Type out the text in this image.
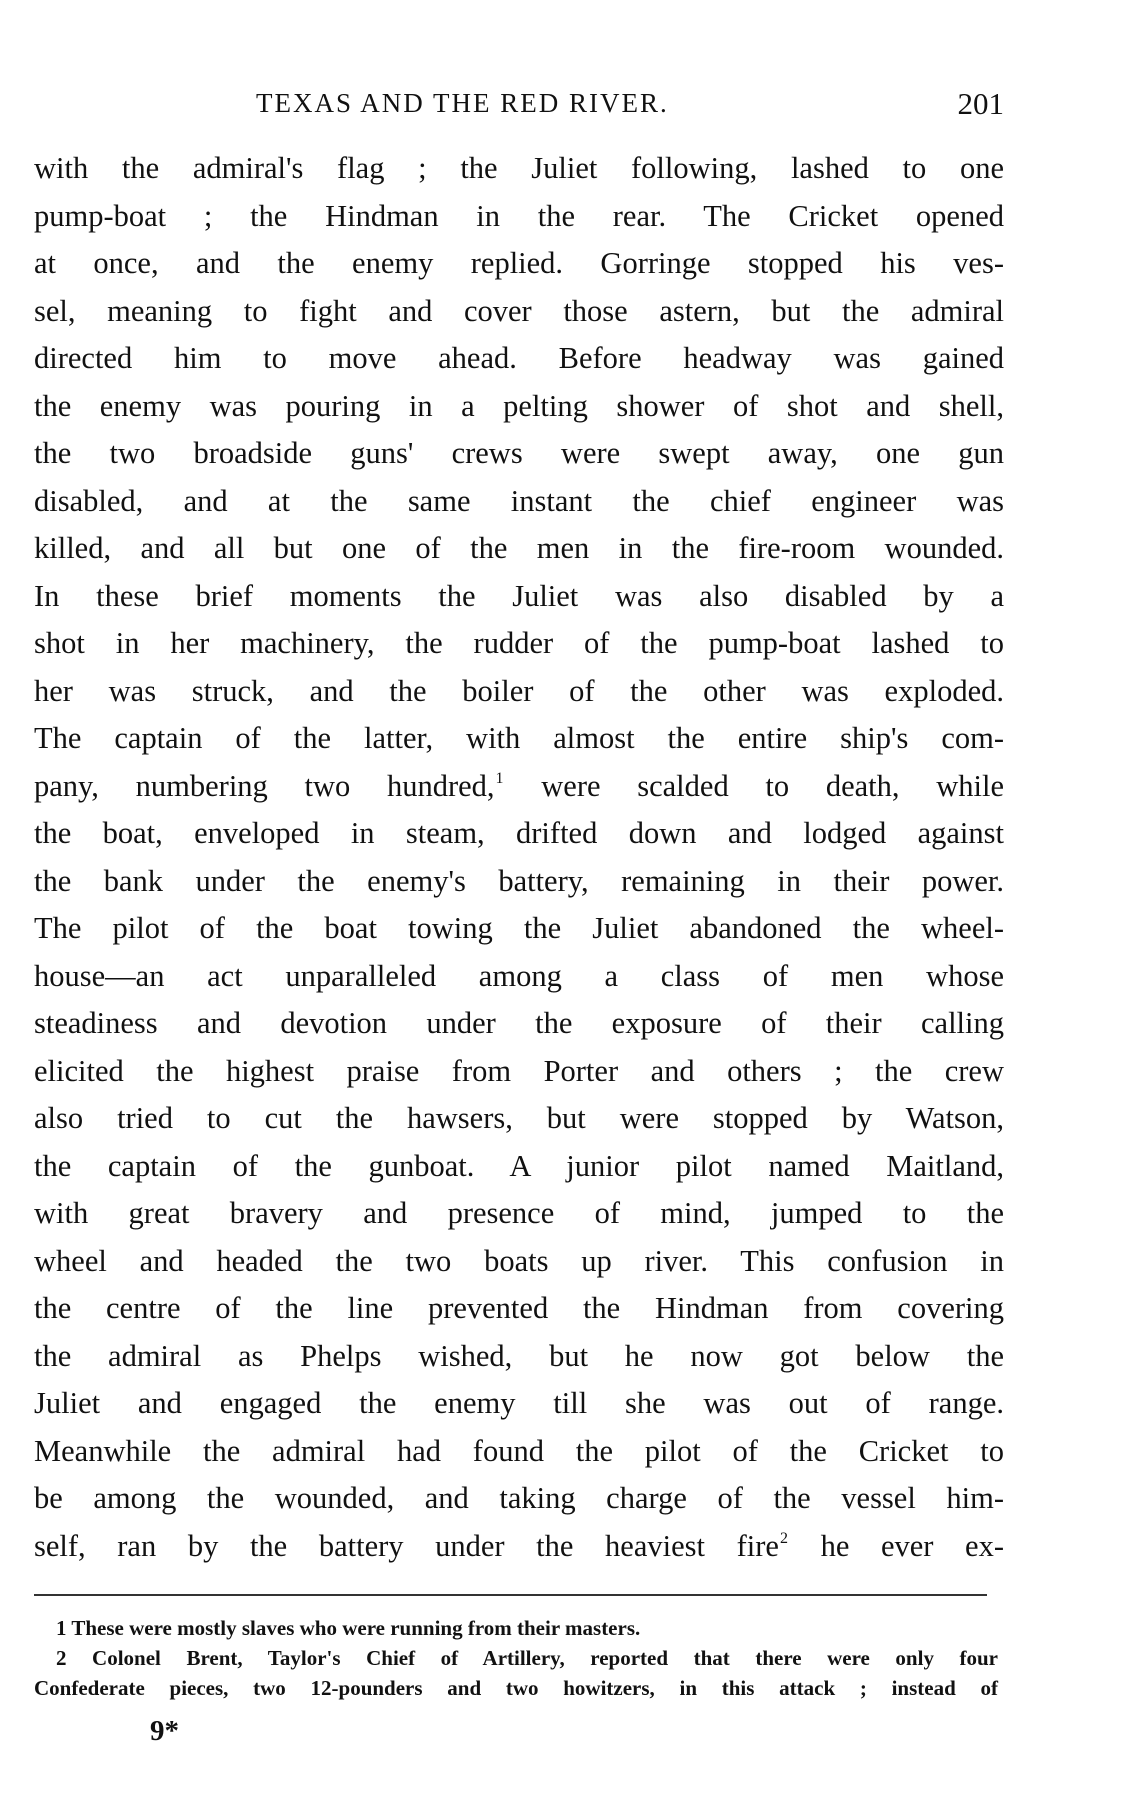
TEXAS AND THE RED RIVER.	201
with the admiral's flag ; the Juliet following, lashed to one
pump-boat ; the Hindman in the rear. The Cricket opened
at once, and the enemy replied. Gorringe stopped his ves-
sel, meaning to fight and cover those astern, but the admiral
directed him to move ahead. Before headway was gained
the enemy was pouring in a pelting shower of shot and shell,
the two broadside guns' crews were swept away, one gun
disabled, and at the same instant the chief engineer was
killed, and all but one of the men in the fire-room wounded.
In these brief moments the Juliet was also disabled by a
shot in her machinery, the rudder of the pump-boat lashed to
her was struck, and the boiler of the other was exploded.
The captain of the latter, with almost the entire ship's com-
pany, numbering two hundred,$^1$ were scalded to death, while
the boat, enveloped in steam, drifted down and lodged against
the bank under the enemy's battery, remaining in their power.
The pilot of the boat towing the Juliet abandoned the wheel-
house—an act unparalleled among a class of men whose
steadiness and devotion under the exposure of their calling
elicited the highest praise from Porter and others ; the crew
also tried to cut the hawsers, but were stopped by Watson,
the captain of the gunboat. A junior pilot named Maitland,
with great bravery and presence of mind, jumped to the
wheel and headed the two boats up river. This confusion in
the centre of the line prevented the Hindman from covering
the admiral as Phelps wished, but he now got below the
Juliet and engaged the enemy till she was out of range.
Meanwhile the admiral had found the pilot of the Cricket to
be among the wounded, and taking charge of the vessel him-
self, ran by the battery under the heaviest fire$^2$ he ever ex-
1 These were mostly slaves who were running from their masters.
2 Colonel Brent, Taylor's Chief of Artillery, reported that there were only four
Confederate pieces, two 12-pounders and two howitzers, in this attack ; instead of
9*
